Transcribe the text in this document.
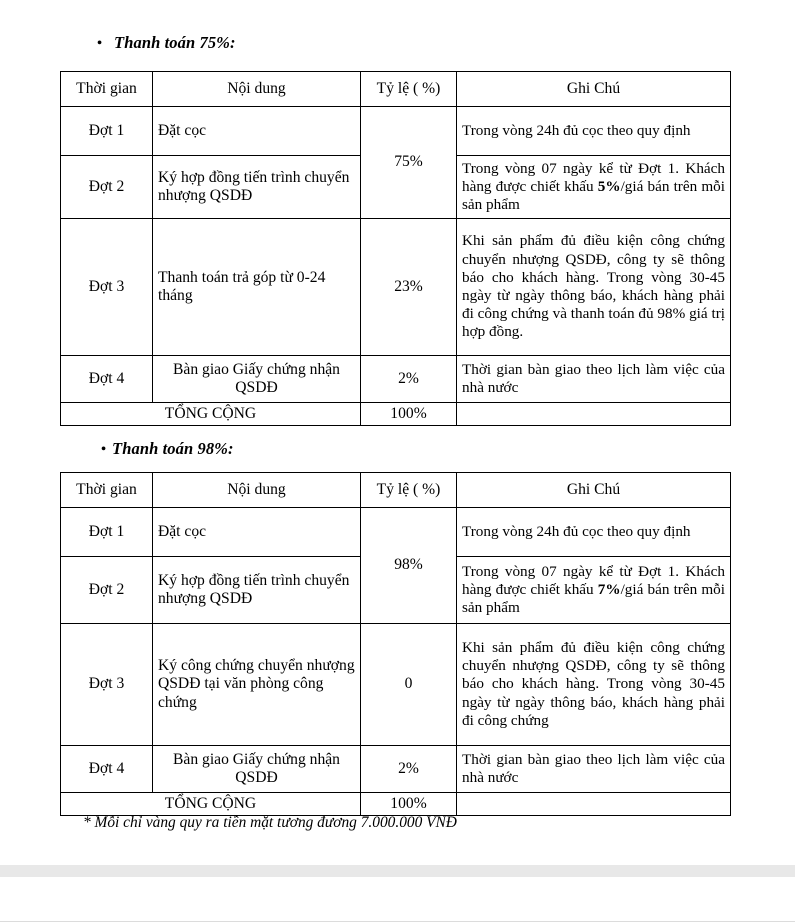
•Thanh toán 75%:
Thời gian	Nội dung	Tỷ lệ ( %)	Ghi Chú
Đợt 1	Đặt cọc	75%	Trong vòng 24h đủ cọc theo quy định
Đợt 2	Ký hợp đồng tiến trình chuyển nhượng QSDĐ		Trong vòng 07 ngày kể từ Đợt 1. Khách hàng được chiết khấu 5%/giá bán trên mỗi sản phẩm
Đợt 3	Thanh toán trả góp từ 0-24 tháng	23%	Khi sản phẩm đủ điều kiện công chứng chuyển nhượng QSDĐ, công ty sẽ thông báo cho khách hàng. Trong vòng 30-45 ngày từ ngày thông báo, khách hàng phải đi công chứng và thanh toán đủ 98% giá trị hợp đồng.
Đợt 4	Bàn giao Giấy chứng nhận QSDĐ	2%	Thời gian bàn giao theo lịch làm việc của nhà nước
TỔNG CỘNG		100%	
•Thanh toán 98%:
Thời gian	Nội dung	Tỷ lệ ( %)	Ghi Chú
Đợt 1	Đặt cọc	98%	Trong vòng 24h đủ cọc theo quy định
Đợt 2	Ký hợp đồng tiến trình chuyển nhượng QSDĐ		Trong vòng 07 ngày kể từ Đợt 1. Khách hàng được chiết khấu 7%/giá bán trên mỗi sản phẩm
Đợt 3	Ký công chứng chuyển nhượng QSDĐ tại văn phòng công chứng	0	Khi sản phẩm đủ điều kiện công chứng chuyển nhượng QSDĐ, công ty sẽ thông báo cho khách hàng. Trong vòng 30-45 ngày từ ngày thông báo, khách hàng phải đi công chứng
Đợt 4	Bàn giao Giấy chứng nhận QSDĐ	2%	Thời gian bàn giao theo lịch làm việc của nhà nước
TỔNG CỘNG		100%	
* Mỗi chỉ vàng quy ra tiền mặt tương đương 7.000.000 VNĐ
